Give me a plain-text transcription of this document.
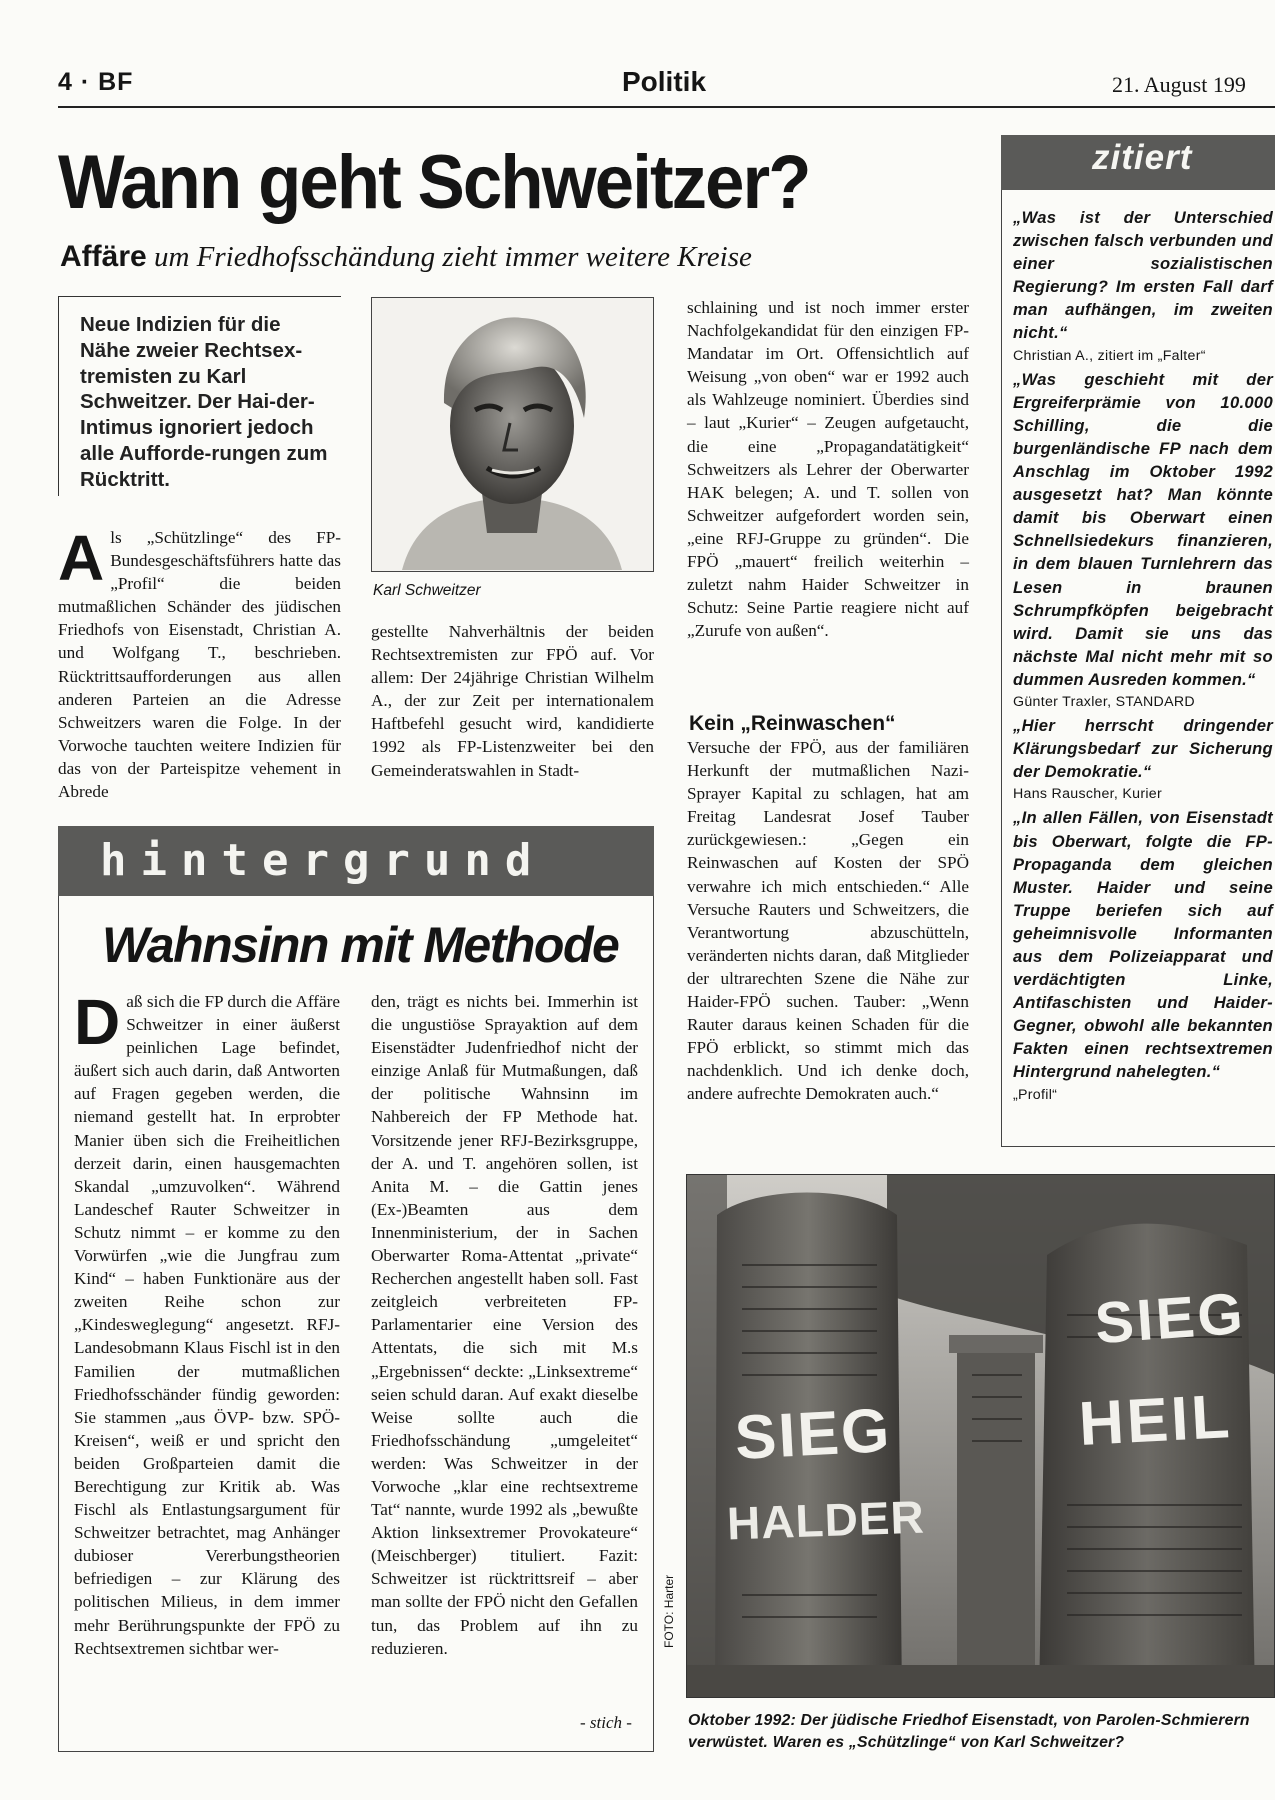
4 · BF	Politik	21. August 199
Wann geht Schweitzer?
Affäre um Friedhofsschändung zieht immer weitere Kreise
Neue Indizien für die Nähe zweier Rechtsex-tremisten zu Karl Schweitzer. Der Hai-der-Intimus ignoriert jedoch alle Aufforde-rungen zum Rücktritt.
Karl Schweitzer
Als „Schützlinge“ des FP-Bundesgeschäftsführers hatte das „Profil“ die beiden mutmaßlichen Schänder des jüdischen Friedhofs von Eisenstadt, Christian A. und Wolfgang T., beschrieben. Rücktrittsaufforderungen aus allen anderen Parteien an die Adresse Schweitzers waren die Folge. In der Vorwoche tauchten weitere Indizien für das von der Parteispitze vehement in Abrede
gestellte Nahverhältnis der beiden Rechtsextremisten zur FPÖ auf. Vor allem: Der 24jährige Christian Wilhelm A., der zur Zeit per internationalem Haftbefehl gesucht wird, kandidierte 1992 als FP-Listenzweiter bei den Gemeinderatswahlen in Stadt-
schlaining und ist noch immer erster Nachfolgekandidat für den einzigen FP-Mandatar im Ort. Offensichtlich auf Weisung „von oben“ war er 1992 auch als Wahlzeuge nominiert. Überdies sind – laut „Kurier“ – Zeugen aufgetaucht, die eine „Propagandatätigkeit“ Schweitzers als Lehrer der Oberwarter HAK belegen; A. und T. sollen von Schweitzer aufgefordert worden sein, „eine RFJ-Gruppe zu gründen“. Die FPÖ „mauert“ freilich weiterhin – zuletzt nahm Haider Schweitzer in Schutz: Seine Partie reagiere nicht auf „Zurufe von außen“.
Kein „Reinwaschen“
Versuche der FPÖ, aus der familiären Herkunft der mutmaßlichen Nazi-Sprayer Kapital zu schlagen, hat am Freitag Landesrat Josef Tauber zurückgewiesen.: „Gegen ein Reinwaschen auf Kosten der SPÖ verwahre ich mich entschieden.“ Alle Versuche Rauters und Schweitzers, die Verantwortung abzuschütteln, veränderten nichts daran, daß Mitglieder der ultrarechten Szene die Nähe zur Haider-FPÖ suchen. Tauber: „Wenn Rauter daraus keinen Schaden für die FPÖ erblickt, so stimmt mich das nachdenklich. Und ich denke doch, andere aufrechte Demokraten auch.“
hintergrund
Wahnsinn mit Methode
Daß sich die FP durch die Affäre Schweitzer in einer äußerst peinlichen Lage befindet, äußert sich auch darin, daß Antworten auf Fragen gegeben werden, die niemand gestellt hat. In erprobter Manier üben sich die Freiheitlichen derzeit darin, einen hausgemachten Skandal „umzuvolken“. Während Landeschef Rauter Schweitzer in Schutz nimmt – er komme zu den Vorwürfen „wie die Jungfrau zum Kind“ – haben Funktionäre aus der zweiten Reihe schon zur „Kindesweglegung“ angesetzt. RFJ-Landesobmann Klaus Fischl ist in den Familien der mutmaßlichen Friedhofsschänder fündig geworden: Sie stammen „aus ÖVP- bzw. SPÖ-Kreisen“, weiß er und spricht den beiden Großparteien damit die Berechtigung zur Kritik ab. Was Fischl als Entlastungsargument für Schweitzer betrachtet, mag Anhänger dubioser Vererbungstheorien befriedigen – zur Klärung des politischen Milieus, in dem immer mehr Berührungspunkte der FPÖ zu Rechtsextremen sichtbar wer-
den, trägt es nichts bei. Immerhin ist die ungustiöse Sprayaktion auf dem Eisenstädter Judenfriedhof nicht der einzige Anlaß für Mutmaßungen, daß der politische Wahnsinn im Nahbereich der FP Methode hat. Vorsitzende jener RFJ-Bezirksgruppe, der A. und T. angehören sollen, ist Anita M. – die Gattin jenes (Ex-)Beamten aus dem Innenministerium, der in Sachen Oberwarter Roma-Attentat „private“ Recherchen angestellt haben soll. Fast zeitgleich verbreiteten FP-Parlamentarier eine Version des Attentats, die sich mit M.s „Ergebnissen“ deckte: „Linksextreme“ seien schuld daran. Auf exakt dieselbe Weise sollte auch die Friedhofsschändung „umgeleitet“ werden: Was Schweitzer in der Vorwoche „klar eine rechtsextreme Tat“ nannte, wurde 1992 als „bewußte Aktion linksextremer Provokateure“ (Meischberger) tituliert. Fazit: Schweitzer ist rücktrittsreif – aber man sollte der FPÖ nicht den Gefallen tun, das Problem auf ihn zu reduzieren.
- stich -
zitiert
„Was ist der Unterschied zwischen falsch verbunden und einer sozialistischen Regierung? Im ersten Fall darf man aufhängen, im zweiten nicht.“
Christian A., zitiert im „Falter“
„Was geschieht mit der Ergreiferprämie von 10.000 Schilling, die die burgenländische FP nach dem Anschlag im Oktober 1992 ausgesetzt hat? Man könnte damit bis Oberwart einen Schnellsiedekurs finanzieren, in dem blauen Turnlehrern das Lesen in braunen Schrumpfköpfen beigebracht wird. Damit sie uns das nächste Mal nicht mehr mit so dummen Ausreden kommen.“
Günter Traxler, STANDARD
„Hier herrscht dringender Klärungsbedarf zur Sicherung der Demokratie.“
Hans Rauscher, Kurier
„In allen Fällen, von Eisenstadt bis Oberwart, folgte die FP-Propaganda dem gleichen Muster. Haider und seine Truppe beriefen sich auf geheimnisvolle Informanten aus dem Polizeiapparat und verdächtigten Linke, Antifaschisten und Haider-Gegner, obwohl alle bekannten Fakten einen rechtsextremen Hintergrund nahelegten.“
„Profil“
SIEG
HALDER
SIEG
HEIL
FOTO: Harter
Oktober 1992: Der jüdische Friedhof Eisenstadt, von Parolen-Schmierern verwüstet. Waren es „Schützlinge“ von Karl Schweitzer?
